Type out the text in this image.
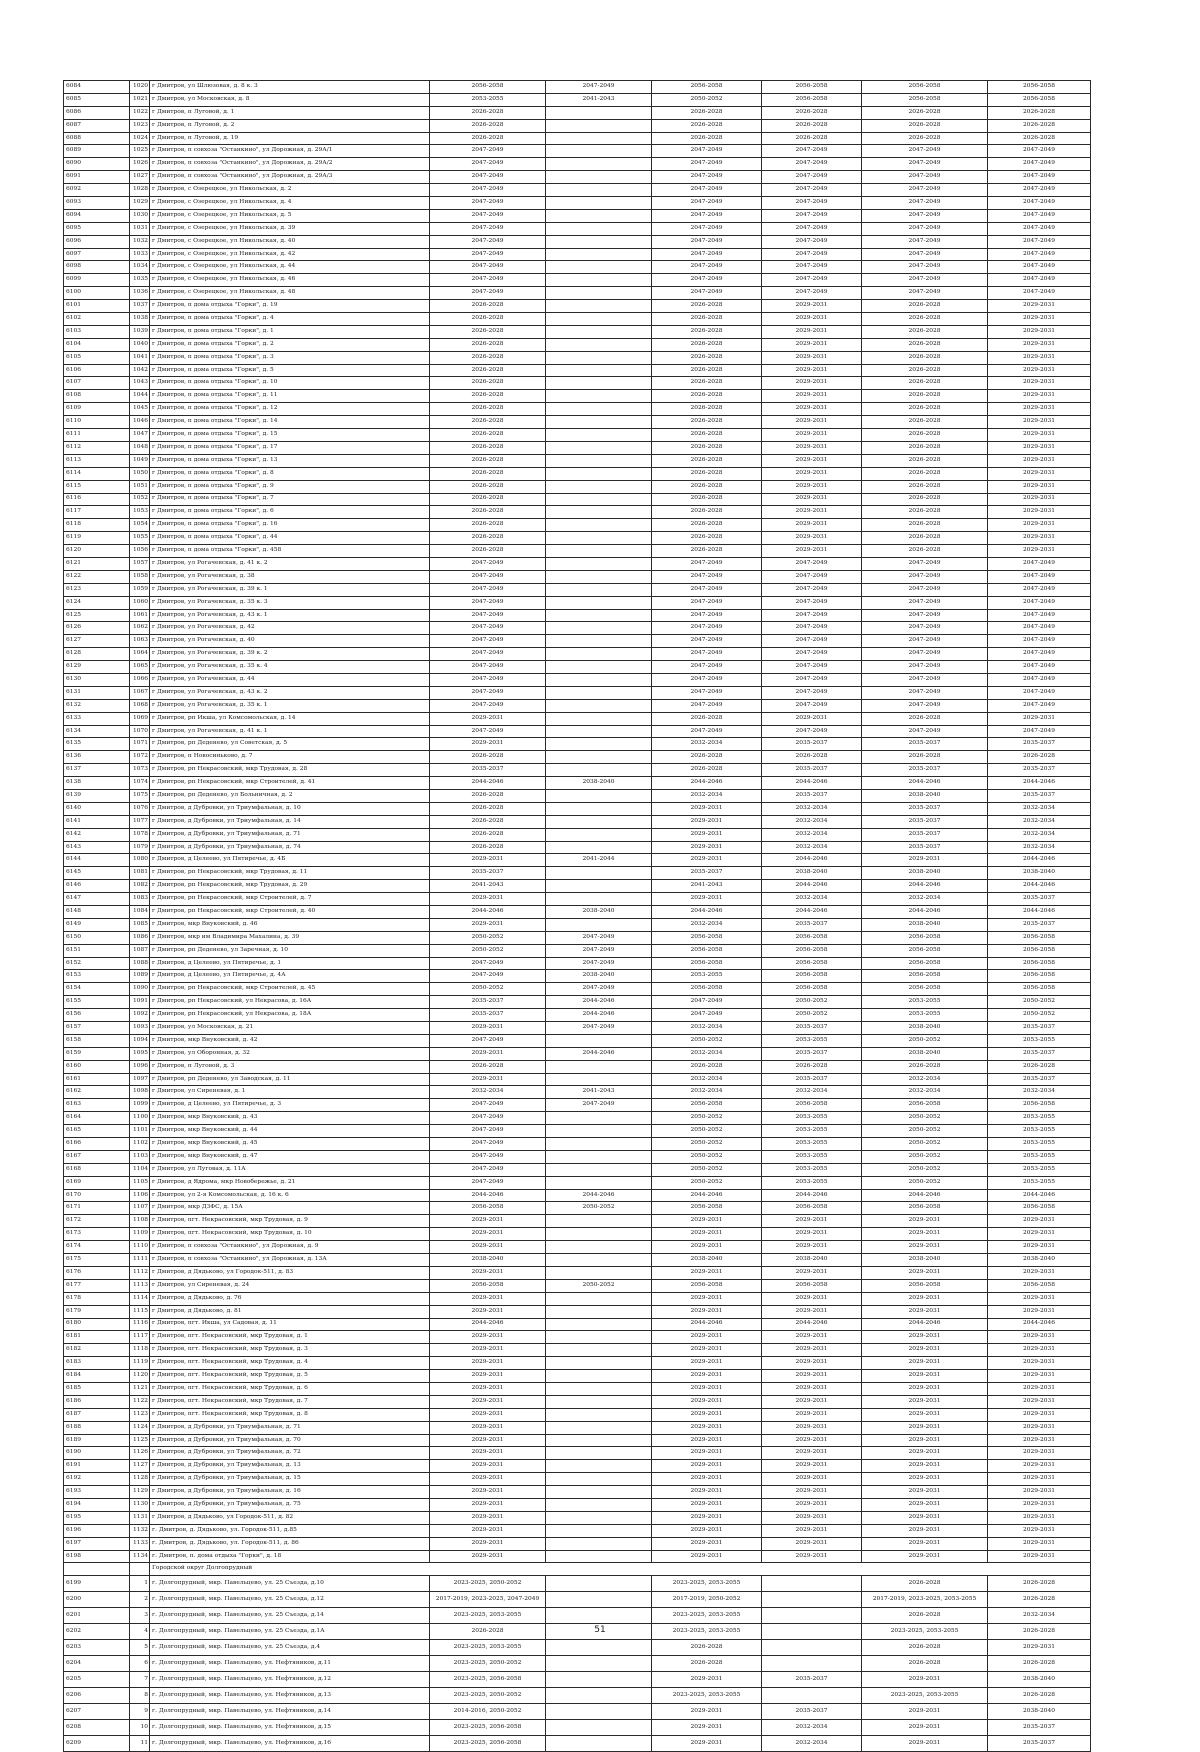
6084	1020	г Дмитров, ул Шлюзовая, д. 8 к. 3	2056-2058	2047-2049	2056-2058	2056-2058	2056-2058	2056-2058
6085	1021	г Дмитров, ул Московская, д. 8	2053-2055	2041-2043	2050-2052	2056-2058	2056-2058	2056-2058
6086	1022	г Дмитров, п Луговой, д. 1	2026-2028		2026-2028	2026-2028	2026-2028	2026-2028
6087	1023	г Дмитров, п Луговой, д. 2	2026-2028		2026-2028	2026-2028	2026-2028	2026-2028
6088	1024	г Дмитров, п Луговой, д. 19	2026-2028		2026-2028	2026-2028	2026-2028	2026-2028
6089	1025	г Дмитров, п совхоза "Останкино", ул Дорожная, д. 29А/1	2047-2049		2047-2049	2047-2049	2047-2049	2047-2049
6090	1026	г Дмитров, п совхоза "Останкино", ул Дорожная, д. 29А/2	2047-2049		2047-2049	2047-2049	2047-2049	2047-2049
6091	1027	г Дмитров, п совхоза "Останкино", ул Дорожная, д. 29А/3	2047-2049		2047-2049	2047-2049	2047-2049	2047-2049
6092	1028	г Дмитров, с Озерецкое, ул Никольская, д. 2	2047-2049		2047-2049	2047-2049	2047-2049	2047-2049
6093	1029	г Дмитров, с Озерецкое, ул Никольская, д. 4	2047-2049		2047-2049	2047-2049	2047-2049	2047-2049
6094	1030	г Дмитров, с Озерецкое, ул Никольская, д. 5	2047-2049		2047-2049	2047-2049	2047-2049	2047-2049
6095	1031	г Дмитров, с Озерецкое, ул Никольская, д. 39	2047-2049		2047-2049	2047-2049	2047-2049	2047-2049
6096	1032	г Дмитров, с Озерецкое, ул Никольская, д. 40	2047-2049		2047-2049	2047-2049	2047-2049	2047-2049
6097	1033	г Дмитров, с Озерецкое, ул Никольская, д. 42	2047-2049		2047-2049	2047-2049	2047-2049	2047-2049
6098	1034	г Дмитров, с Озерецкое, ул Никольская, д. 44	2047-2049		2047-2049	2047-2049	2047-2049	2047-2049
6099	1035	г Дмитров, с Озерецкое, ул Никольская, д. 46	2047-2049		2047-2049	2047-2049	2047-2049	2047-2049
6100	1036	г Дмитров, с Озерецкое, ул Никольская, д. 48	2047-2049		2047-2049	2047-2049	2047-2049	2047-2049
6101	1037	г Дмитров, п дома отдыха "Горки", д. 19	2026-2028		2026-2028	2029-2031	2026-2028	2029-2031
6102	1038	г Дмитров, п дома отдыха "Горки", д. 4	2026-2028		2026-2028	2029-2031	2026-2028	2029-2031
6103	1039	г Дмитров, п дома отдыха "Горки", д. 1	2026-2028		2026-2028	2029-2031	2026-2028	2029-2031
6104	1040	г Дмитров, п дома отдыха "Горки", д. 2	2026-2028		2026-2028	2029-2031	2026-2028	2029-2031
6105	1041	г Дмитров, п дома отдыха "Горки", д. 3	2026-2028		2026-2028	2029-2031	2026-2028	2029-2031
6106	1042	г Дмитров, п дома отдыха "Горки", д. 5	2026-2028		2026-2028	2029-2031	2026-2028	2029-2031
6107	1043	г Дмитров, п дома отдыха "Горки", д. 10	2026-2028		2026-2028	2029-2031	2026-2028	2029-2031
6108	1044	г Дмитров, п дома отдыха "Горки", д. 11	2026-2028		2026-2028	2029-2031	2026-2028	2029-2031
6109	1045	г Дмитров, п дома отдыха "Горки", д. 12	2026-2028		2026-2028	2029-2031	2026-2028	2029-2031
6110	1046	г Дмитров, п дома отдыха "Горки", д. 14	2026-2028		2026-2028	2029-2031	2026-2028	2029-2031
6111	1047	г Дмитров, п дома отдыха "Горки", д. 15	2026-2028		2026-2028	2029-2031	2026-2028	2029-2031
6112	1048	г Дмитров, п дома отдыха "Горки", д. 17	2026-2028		2026-2028	2029-2031	2026-2028	2029-2031
6113	1049	г Дмитров, п дома отдыха "Горки", д. 13	2026-2028		2026-2028	2029-2031	2026-2028	2029-2031
6114	1050	г Дмитров, п дома отдыха "Горки", д. 8	2026-2028		2026-2028	2029-2031	2026-2028	2029-2031
6115	1051	г Дмитров, п дома отдыха "Горки", д. 9	2026-2028		2026-2028	2029-2031	2026-2028	2029-2031
6116	1052	г Дмитров, п дома отдыха "Горки", д. 7	2026-2028		2026-2028	2029-2031	2026-2028	2029-2031
6117	1053	г Дмитров, п дома отдыха "Горки", д. 6	2026-2028		2026-2028	2029-2031	2026-2028	2029-2031
6118	1054	г Дмитров, п дома отдыха "Горки", д. 16	2026-2028		2026-2028	2029-2031	2026-2028	2029-2031
6119	1055	г Дмитров, п дома отдыха "Горки", д. 44	2026-2028		2026-2028	2029-2031	2026-2028	2029-2031
6120	1056	г Дмитров, п дома отдыха "Горки", д. 458	2026-2028		2026-2028	2029-2031	2026-2028	2029-2031
6121	1057	г Дмитров, ул Рогачевская, д. 41 к. 2	2047-2049		2047-2049	2047-2049	2047-2049	2047-2049
6122	1058	г Дмитров, ул Рогачевская, д. 38	2047-2049		2047-2049	2047-2049	2047-2049	2047-2049
6123	1059	г Дмитров, ул Рогачевская, д. 39 к. 1	2047-2049		2047-2049	2047-2049	2047-2049	2047-2049
6124	1060	г Дмитров, ул Рогачевская, д. 35 к. 3	2047-2049		2047-2049	2047-2049	2047-2049	2047-2049
6125	1061	г Дмитров, ул Рогачевская, д. 43 к. 1	2047-2049		2047-2049	2047-2049	2047-2049	2047-2049
6126	1062	г Дмитров, ул Рогачевская, д. 42	2047-2049		2047-2049	2047-2049	2047-2049	2047-2049
6127	1063	г Дмитров, ул Рогачевская, д. 40	2047-2049		2047-2049	2047-2049	2047-2049	2047-2049
6128	1064	г Дмитров, ул Рогачевская, д. 39 к. 2	2047-2049		2047-2049	2047-2049	2047-2049	2047-2049
6129	1065	г Дмитров, ул Рогачевская, д. 35 к. 4	2047-2049		2047-2049	2047-2049	2047-2049	2047-2049
6130	1066	г Дмитров, ул Рогачевская, д. 44	2047-2049		2047-2049	2047-2049	2047-2049	2047-2049
6131	1067	г Дмитров, ул Рогачевская, д. 43 к. 2	2047-2049		2047-2049	2047-2049	2047-2049	2047-2049
6132	1068	г Дмитров, ул Рогачевская, д. 35 к. 1	2047-2049		2047-2049	2047-2049	2047-2049	2047-2049
6133	1069	г Дмитров, рп Икша, ул Комсомольская, д. 14	2029-2031		2026-2028	2029-2031	2026-2028	2029-2031
6134	1070	г Дмитров, ул Рогачевская, д. 41 к. 1	2047-2049		2047-2049	2047-2049	2047-2049	2047-2049
6135	1071	г Дмитров, рп Деденево, ул Советская, д. 5	2029-2031		2032-2034	2035-2037	2035-2037	2035-2037
6136	1072	г Дмитров, п Новосиньково, д. 7	2026-2028		2026-2028	2026-2028	2026-2028	2026-2028
6137	1073	г Дмитров, рп Некрасовский, мкр Трудовая, д. 28	2035-2037		2026-2028	2035-2037	2035-2037	2035-2037
6138	1074	г Дмитров, рп Некрасовский, мкр Строителей, д. 41	2044-2046	2038-2040	2044-2046	2044-2046	2044-2046	2044-2046
6139	1075	г Дмитров, рп Деденево, ул Больничная, д. 2	2026-2028		2032-2034	2035-2037	2038-2040	2035-2037
6140	1076	г Дмитров, д Дубровки, ул Триумфальная, д. 10	2026-2028		2029-2031	2032-2034	2035-2037	2032-2034
6141	1077	г Дмитров, д Дубровки, ул Триумфальная, д. 14	2026-2028		2029-2031	2032-2034	2035-2037	2032-2034
6142	1078	г Дмитров, д Дубровки, ул Триумфальная, д. 71	2026-2028		2029-2031	2032-2034	2035-2037	2032-2034
6143	1079	г Дмитров, д Дубровки, ул Триумфальная, д. 74	2026-2028		2029-2031	2032-2034	2035-2037	2032-2034
6144	1080	г Дмитров, д Целеево, ул Пятиречье, д. 4Б	2029-2031	2041-2044	2029-2031	2044-2046	2029-2031	2044-2046
6145	1081	г Дмитров, рп Некрасовский, мкр Трудовая, д. 11	2035-2037		2035-2037	2038-2040	2038-2040	2038-2040
6146	1082	г Дмитров, рп Некрасовский, мкр Трудовая, д. 29	2041-2043		2041-2043	2044-2046	2044-2046	2044-2046
6147	1083	г Дмитров, рп Некрасовский, мкр Строителей, д. 7	2029-2031		2029-2031	2032-2034	2032-2034	2035-2037
6148	1084	г Дмитров, рп Некрасовский, мкр Строителей, д. 40	2044-2046	2038-2040	2044-2046	2044-2046	2044-2046	2044-2046
6149	1085	г Дмитров, мкр Внуковский, д. 46	2029-2031		2032-2034	2035-2037	2038-2040	2035-2037
6150	1086	г Дмитров, мкр им Владимира Махалина, д. 39	2050-2052	2047-2049	2056-2058	2056-2058	2056-2058	2056-2058
6151	1087	г Дмитров, рп Деденево, ул Заречная, д. 10	2050-2052	2047-2049	2056-2058	2056-2058	2056-2058	2056-2058
6152	1088	г Дмитров, д Целеево, ул Пятиречье, д. 1	2047-2049	2047-2049	2056-2058	2056-2058	2056-2058	2056-2058
6153	1089	г Дмитров, д Целеево, ул Пятиречье, д. 4А	2047-2049	2038-2040	2053-2055	2056-2058	2056-2058	2056-2058
6154	1090	г Дмитров, рп Некрасовский, мкр Строителей, д. 45	2050-2052	2047-2049	2056-2058	2056-2058	2056-2058	2056-2058
6155	1091	г Дмитров, рп Некрасовский, ул Некрасова, д. 16А	2035-2037	2044-2046	2047-2049	2050-2052	2053-2055	2050-2052
6156	1092	г Дмитров, рп Некрасовский, ул Некрасова, д. 18А	2035-2037	2044-2046	2047-2049	2050-2052	2053-2055	2050-2052
6157	1093	г Дмитров, ул Московская, д. 21	2029-2031	2047-2049	2032-2034	2035-2037	2038-2040	2035-2037
6158	1094	г Дмитров, мкр Внуковский, д. 42	2047-2049		2050-2052	2053-2055	2050-2052	2053-2055
6159	1095	г Дмитров, ул Оборонная, д. 32	2029-2031	2044-2046	2032-2034	2035-2037	2038-2040	2035-2037
6160	1096	г Дмитров, п Луговой, д. 3	2026-2028		2026-2028	2026-2028	2026-2028	2026-2028
6161	1097	г Дмитров, рп Деденево, ул Заводская, д. 11	2029-2031		2032-2034	2035-2037	2032-2034	2035-2037
6162	1098	г Дмитров, ул Сиреневая, д. 1	2032-2034	2041-2043	2032-2034	2032-2034	2032-2034	2032-2034
6163	1099	г Дмитров, д Целеево, ул Пятиречье, д. 3	2047-2049	2047-2049	2056-2058	2056-2058	2056-2058	2056-2058
6164	1100	г Дмитров, мкр Внуковский, д. 43	2047-2049		2050-2052	2053-2055	2050-2052	2053-2055
6165	1101	г Дмитров, мкр Внуковский, д. 44	2047-2049		2050-2052	2053-2055	2050-2052	2053-2055
6166	1102	г Дмитров, мкр Внуковский, д. 45	2047-2049		2050-2052	2053-2055	2050-2052	2053-2055
6167	1103	г Дмитров, мкр Внуковский, д. 47	2047-2049		2050-2052	2053-2055	2050-2052	2053-2055
6168	1104	г Дмитров, ул Луговая, д. 11А	2047-2049		2050-2052	2053-2055	2050-2052	2053-2055
6169	1105	г Дмитров, д Ядрома, мкр Новобережье, д. 21	2047-2049		2050-2052	2053-2055	2050-2052	2053-2055
6170	1106	г Дмитров, ул 2-я Комсомольская, д. 16 к. 6	2044-2046	2044-2046	2044-2046	2044-2046	2044-2046	2044-2046
6171	1107	г Дмитров, мкр ДЗФС, д. 15А	2056-2058	2050-2052	2056-2058	2056-2058	2056-2058	2056-2058
6172	1108	г Дмитров, пгт. Некрасовский, мкр Трудовая, д. 9	2029-2031		2029-2031	2029-2031	2029-2031	2029-2031
6173	1109	г Дмитров, пгт. Некрасовский, мкр Трудовая, д. 10	2029-2031		2029-2031	2029-2031	2029-2031	2029-2031
6174	1110	г Дмитров, п совхоза "Останкино", ул Дорожная, д. 9	2029-2031		2029-2031	2029-2031	2029-2031	2029-2031
6175	1111	г Дмитров, п совхоза "Останкино", ул Дорожная, д. 13А	2038-2040		2038-2040	2038-2040	2038-2040	2038-2040
6176	1112	г Дмитров, д Дядьково, ул Городок-511, д. 83	2029-2031		2029-2031	2029-2031	2029-2031	2029-2031
6177	1113	г Дмитров, ул Сиреневая, д. 24	2056-2058	2050-2052	2056-2058	2056-2058	2056-2058	2056-2058
6178	1114	г Дмитров, д Дядьково, д. 76	2029-2031		2029-2031	2029-2031	2029-2031	2029-2031
6179	1115	г Дмитров, д Дядьково, д. 81	2029-2031		2029-2031	2029-2031	2029-2031	2029-2031
6180	1116	г Дмитров, пгт. Икша, ул Садовая, д. 11	2044-2046		2044-2046	2044-2046	2044-2046	2044-2046
6181	1117	г Дмитров, пгт. Некрасовский, мкр Трудовая, д. 1	2029-2031		2029-2031	2029-2031	2029-2031	2029-2031
6182	1118	г Дмитров, пгт. Некрасовский, мкр Трудовая, д. 3	2029-2031		2029-2031	2029-2031	2029-2031	2029-2031
6183	1119	г Дмитров, пгт. Некрасовский, мкр Трудовая, д. 4	2029-2031		2029-2031	2029-2031	2029-2031	2029-2031
6184	1120	г Дмитров, пгт. Некрасовский, мкр Трудовая, д. 5	2029-2031		2029-2031	2029-2031	2029-2031	2029-2031
6185	1121	г Дмитров, пгт. Некрасовский, мкр Трудовая, д. 6	2029-2031		2029-2031	2029-2031	2029-2031	2029-2031
6186	1122	г Дмитров, пгт. Некрасовский, мкр Трудовая, д. 7	2029-2031		2029-2031	2029-2031	2029-2031	2029-2031
6187	1123	г Дмитров, пгт. Некрасовский, мкр Трудовая, д. 8	2029-2031		2029-2031	2029-2031	2029-2031	2029-2031
6188	1124	г Дмитров, д Дубровки, ул Триумфальная, д. 71	2029-2031		2029-2031	2029-2031	2029-2031	2029-2031
6189	1125	г Дмитров, д Дубровки, ул Триумфальная, д. 70	2029-2031		2029-2031	2029-2031	2029-2031	2029-2031
6190	1126	г Дмитров, д Дубровки, ул Триумфальная, д. 72	2029-2031		2029-2031	2029-2031	2029-2031	2029-2031
6191	1127	г Дмитров, д Дубровки, ул Триумфальная, д. 13	2029-2031		2029-2031	2029-2031	2029-2031	2029-2031
6192	1128	г Дмитров, д Дубровки, ул Триумфальная, д. 15	2029-2031		2029-2031	2029-2031	2029-2031	2029-2031
6193	1129	г Дмитров, д Дубровки, ул Триумфальная, д. 16	2029-2031		2029-2031	2029-2031	2029-2031	2029-2031
6194	1130	г Дмитров, д Дубровки, ул Триумфальная, д. 75	2029-2031		2029-2031	2029-2031	2029-2031	2029-2031
6195	1131	г Дмитров, д Дядьково, ул Городок-511, д. 82	2029-2031		2029-2031	2029-2031	2029-2031	2029-2031
6196	1132	г. Дмитров, д. Дядьково, ул. Городок-511, д.85	2029-2031		2029-2031	2029-2031	2029-2031	2029-2031
6197	1133	г. Дмитров, д. Дядьково, ул. Городок-511, д. 86	2029-2031		2029-2031	2029-2031	2029-2031	2029-2031
6198	1134	г. Дмитров, п. дома отдыха "Горки", д. 18	2029-2031		2029-2031	2029-2031	2029-2031	2029-2031
		Городской округ Долгопрудный						
6199	1	г. Долгопрудный, мкр. Павельцево, ул. 25 Съезда, д.10	2023-2025, 2050-2052		2023-2025, 2053-2055		2026-2028	2026-2028
6200	2	г. Долгопрудный, мкр. Павельцево, ул. 25 Съезда, д.12	2017-2019, 2023-2025, 2047-2049		2017-2019, 2050-2052		2017-2019, 2023-2025, 2053-2055	2026-2028
6201	3	г. Долгопрудный, мкр. Павельцево, ул. 25 Съезда, д.14	2023-2025, 2053-2055		2023-2025, 2053-2055		2026-2028	2032-2034
6202	4	г. Долгопрудный, мкр. Павельцево, ул. 25 Съезда, д.1А	2026-2028		2023-2025, 2053-2055		2023-2025, 2053-2055	2026-2028
6203	5	г. Долгопрудный, мкр. Павельцево, ул. 25 Съезда, д.4	2023-2025, 2053-2055		2026-2028		2026-2028	2029-2031
6204	6	г. Долгопрудный, мкр. Павельцево, ул. Нефтяников, д.11	2023-2025, 2050-2052		2026-2028		2026-2028	2026-2028
6205	7	г. Долгопрудный, мкр. Павельцево, ул. Нефтяников, д.12	2023-2025, 2056-2058		2029-2031	2035-2037	2029-2031	2038-2040
6206	8	г. Долгопрудный, мкр. Павельцево, ул. Нефтяников, д.13	2023-2025, 2050-2052		2023-2025, 2053-2055		2023-2025, 2053-2055	2026-2028
6207	9	г. Долгопрудный, мкр. Павельцево, ул. Нефтяников, д.14	2014-2016, 2050-2052		2029-2031	2035-2037	2029-2031	2038-2040
6208	10	г. Долгопрудный, мкр. Павельцево, ул. Нефтяников, д.15	2023-2025, 2056-2058		2029-2031	2032-2034	2029-2031	2035-2037
6209	11	г. Долгопрудный, мкр. Павельцево, ул. Нефтяников, д.16	2023-2025, 2056-2058		2029-2031	2032-2034	2029-2031	2035-2037
51
